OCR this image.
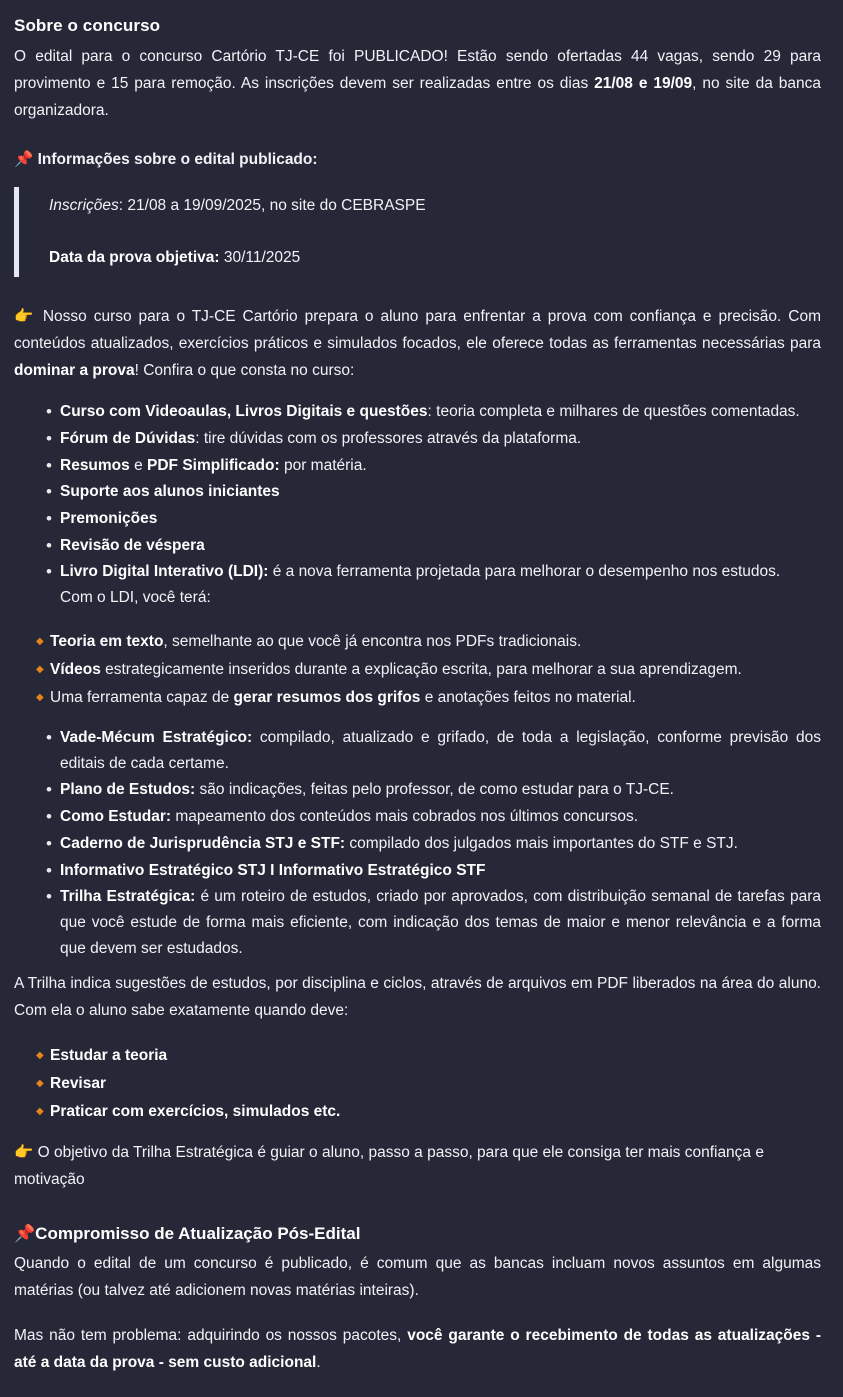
Sobre o concurso

O edital para o concurso Cartório TJ-CE foi PUBLICADO! Estão sendo ofertadas 44 vagas, sendo 29 para provimento e 15 para remoção. As inscrições devem ser realizadas entre os dias 21/08 e 19/09, no site da banca organizadora.

📌 Informações sobre o edital publicado:

Inscrições: 21/08 a 19/09/2025, no site do CEBRASPE

Data da prova objetiva: 30/11/2025

👉 Nosso curso para o TJ-CE Cartório prepara o aluno para enfrentar a prova com confiança e precisão. Com conteúdos atualizados, exercícios práticos e simulados focados, ele oferece todas as ferramentas necessárias para dominar a prova! Confira o que consta no curso:

• Curso com Videoaulas, Livros Digitais e questões: teoria completa e milhares de questões comentadas.
• Fórum de Dúvidas: tire dúvidas com os professores através da plataforma.
• Resumos e PDF Simplificado: por matéria.
• Suporte aos alunos iniciantes
• Premonições
• Revisão de véspera
• Livro Digital Interativo (LDI): é a nova ferramenta projetada para melhorar o desempenho nos estudos.
Com o LDI, você terá:
◆ Teoria em texto, semelhante ao que você já encontra nos PDFs tradicionais.
◆ Vídeos estrategicamente inseridos durante a explicação escrita, para melhorar a sua aprendizagem.
◆ Uma ferramenta capaz de gerar resumos dos grifos e anotações feitos no material.
• Vade-Mécum Estratégico: compilado, atualizado e grifado, de toda a legislação, conforme previsão dos editais de cada certame.
• Plano de Estudos: são indicações, feitas pelo professor, de como estudar para o TJ-CE.
• Como Estudar: mapeamento dos conteúdos mais cobrados nos últimos concursos.
• Caderno de Jurisprudência STJ e STF: compilado dos julgados mais importantes do STF e STJ.
• Informativo Estratégico STJ I Informativo Estratégico STF
• Trilha Estratégica: é um roteiro de estudos, criado por aprovados, com distribuição semanal de tarefas para que você estude de forma mais eficiente, com indicação dos temas de maior e menor relevância e a forma que devem ser estudados.

A Trilha indica sugestões de estudos, por disciplina e ciclos, através de arquivos em PDF liberados na área do aluno. Com ela o aluno sabe exatamente quando deve:

◆ Estudar a teoria
◆ Revisar
◆ Praticar com exercícios, simulados etc.

👉 O objetivo da Trilha Estratégica é guiar o aluno, passo a passo, para que ele consiga ter mais confiança e motivação

📌Compromisso de Atualização Pós-Edital

Quando o edital de um concurso é publicado, é comum que as bancas incluam novos assuntos em algumas matérias (ou talvez até adicionem novas matérias inteiras).

Mas não tem problema: adquirindo os nossos pacotes, você garante o recebimento de todas as atualizações - até a data da prova - sem custo adicional.
